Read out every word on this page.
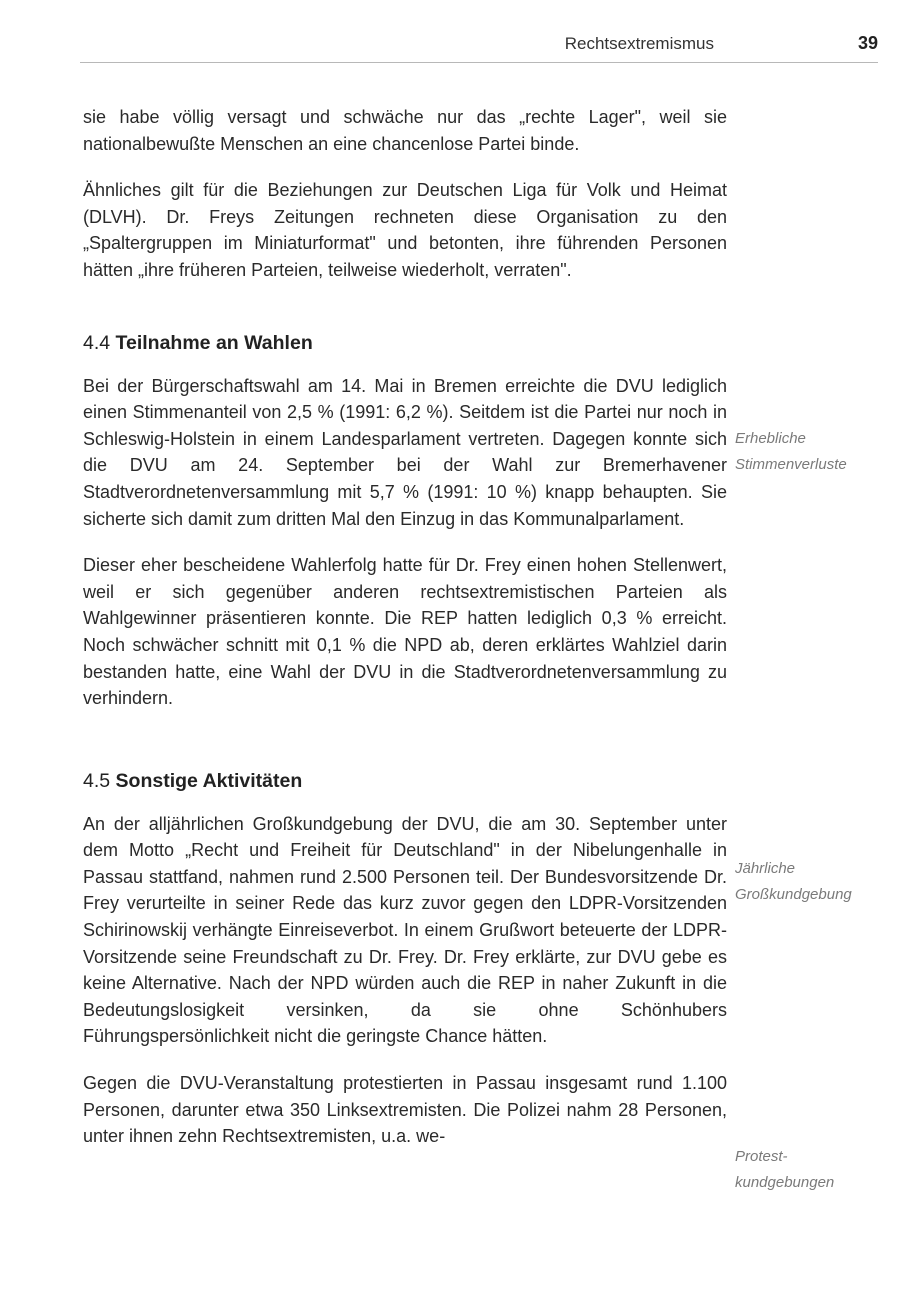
Rechtsextremismus	39

sie habe völlig versagt und schwäche nur das „rechte Lager", weil sie nationalbewußte Menschen an eine chancenlose Partei binde.

Ähnliches gilt für die Beziehungen zur Deutschen Liga für Volk und Heimat (DLVH). Dr. Freys Zeitungen rechneten diese Organisation zu den „Spaltergruppen im Miniaturformat" und betonten, ihre führenden Personen hätten „ihre früheren Parteien, teilweise wiederholt, verraten".

4.4 Teilnahme an Wahlen

Bei der Bürgerschaftswahl am 14. Mai in Bremen erreichte die DVU lediglich einen Stimmenanteil von 2,5 % (1991: 6,2 %). Seitdem ist die Partei nur noch in Schleswig-Holstein in einem Landesparlament vertreten. Dagegen konnte sich die DVU am 24. September bei der Wahl zur Bremerhavener Stadtverordnetenversammlung mit 5,7 % (1991: 10 %) knapp behaupten. Sie sicherte sich damit zum dritten Mal den Einzug in das Kommunalparlament.

Dieser eher bescheidene Wahlerfolg hatte für Dr. Frey einen hohen Stellenwert, weil er sich gegenüber anderen rechtsextremistischen Parteien als Wahlgewinner präsentieren konnte. Die REP hatten lediglich 0,3 % erreicht. Noch schwächer schnitt mit 0,1 % die NPD ab, deren erklärtes Wahlziel darin bestanden hatte, eine Wahl der DVU in die Stadtverordnetenversammlung zu verhindern.

4.5 Sonstige Aktivitäten

An der alljährlichen Großkundgebung der DVU, die am 30. September unter dem Motto „Recht und Freiheit für Deutschland" in der Nibelungenhalle in Passau stattfand, nahmen rund 2.500 Personen teil. Der Bundesvorsitzende Dr. Frey verurteilte in seiner Rede das kurz zuvor gegen den LDPR-Vorsitzenden Schirinowskij verhängte Einreiseverbot. In einem Grußwort beteuerte der LDPR-Vorsitzende seine Freundschaft zu Dr. Frey. Dr. Frey erklärte, zur DVU gebe es keine Alternative. Nach der NPD würden auch die REP in naher Zukunft in die Bedeutungslosigkeit versinken, da sie ohne Schönhubers Führungspersönlichkeit nicht die geringste Chance hätten.

Gegen die DVU-Veranstaltung protestierten in Passau insgesamt rund 1.100 Personen, darunter etwa 350 Linksextremisten. Die Polizei nahm 28 Personen, unter ihnen zehn Rechtsextremisten, u.a. we-

Erhebliche
Stimmenverluste
Jährliche
Großkundgebung
Protest-
kundgebungen
